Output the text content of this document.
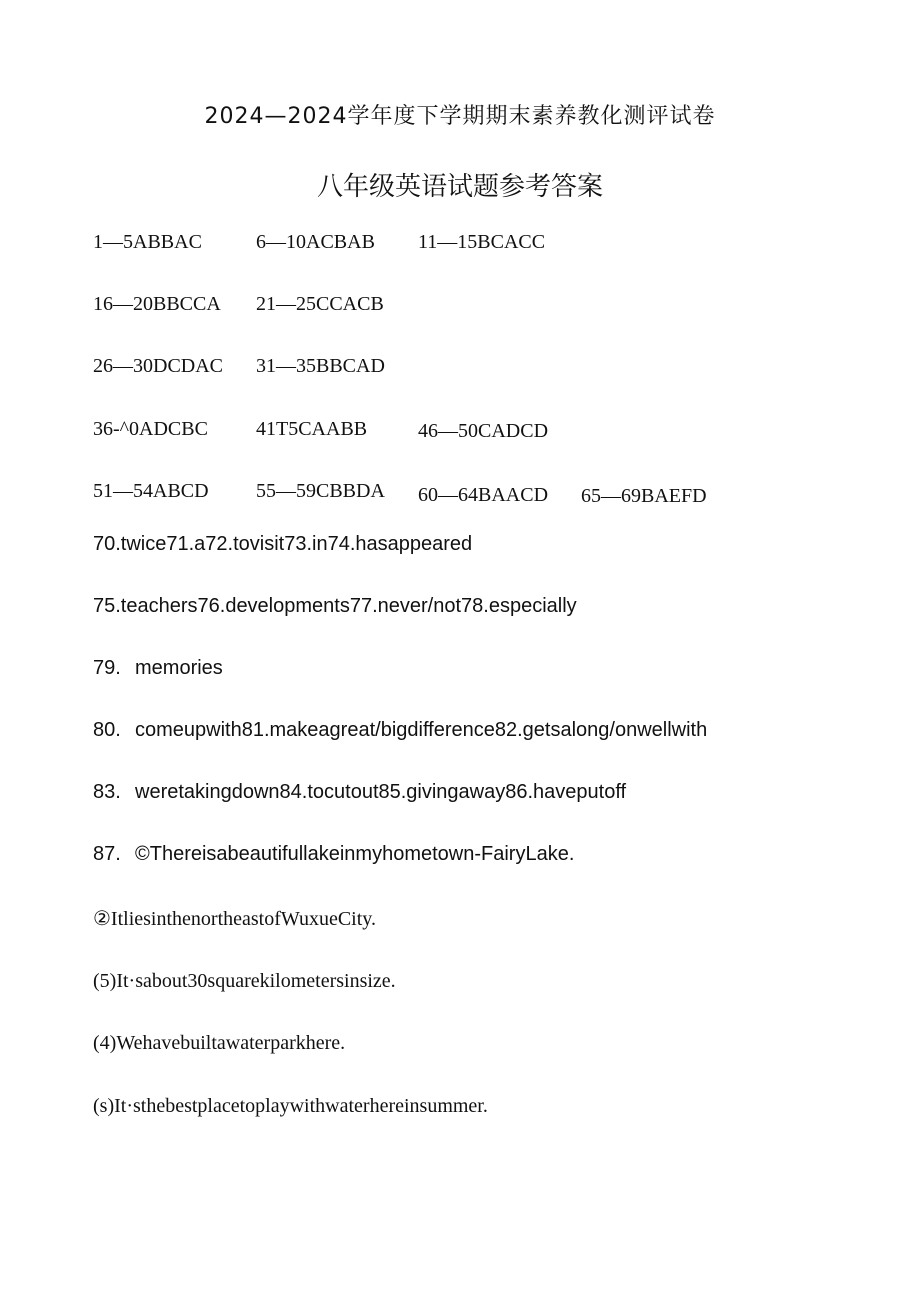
2024—2024学年度下学期期末素养教化测评试卷
八年级英语试题参考答案
1—5ABBAC	6—10ACBAB 11—15BCACC
16—20BBCCA 21—25CCACB
26—30DCDAC 31—35BBCAD
36-^0ADCBC 41T5CAABB	46—50CADCD
51—54ABCD 55—59CBBDA 60—64BAACD 65—69BAEFD
70.twice71.a72.tovisit73.in74.hasappeared
75.teachers76.developments77.never/not78.especially
79. memories
80. comeupwith81.makeagreat/bigdifference82.getsalong/onwellwith
83. weretakingdown84.tocutout85.givingaway86.haveputoff
87. ©Thereisabeautifullakeinmyhometown-FairyLake.
②ItliesinthenortheastofWuxueCity.
(5)It·sabout30squarekilometersinsize.
(4)Wehavebuiltawaterparkhere.
(s)It·sthebestplacetoplaywithwaterhereinsummer.
